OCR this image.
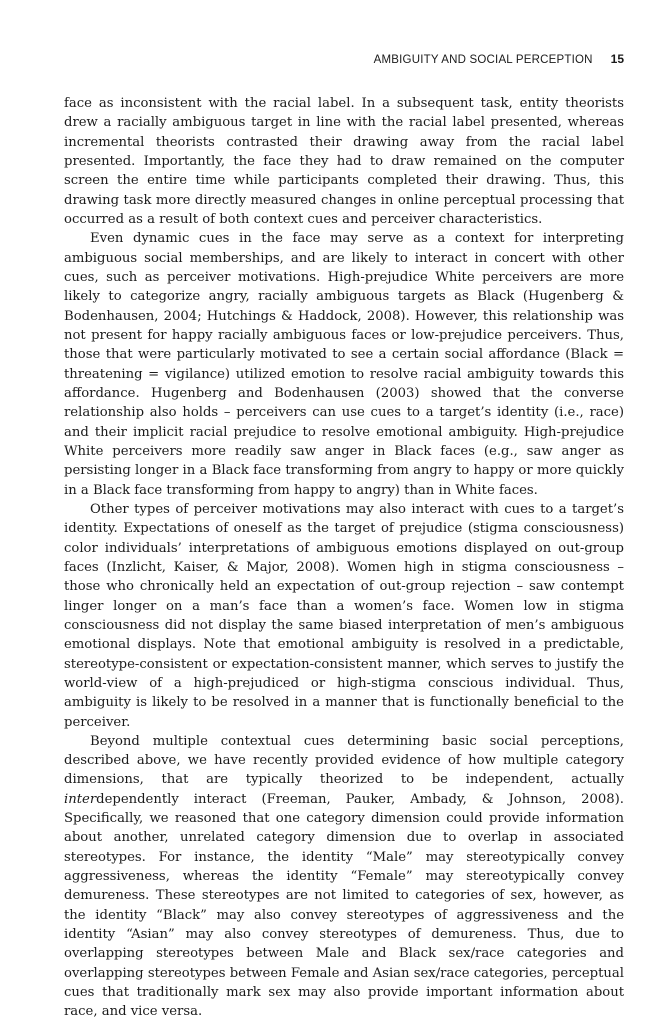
AMBIGUITY AND SOCIAL PERCEPTION 15

face as inconsistent with the racial label. In a subsequent task, entity theorists drew a racially ambiguous target in line with the racial label presented, whereas incremental theorists contrasted their drawing away from the racial label presented. Importantly, the face they had to draw remained on the computer screen the entire time while participants completed their drawing. Thus, this drawing task more directly measured changes in online perceptual processing that occurred as a result of both context cues and perceiver characteristics.

Even dynamic cues in the face may serve as a context for interpreting ambiguous social memberships, and are likely to interact in concert with other cues, such as perceiver motivations. High-prejudice White perceivers are more likely to categorize angry, racially ambiguous targets as Black (Hugenberg & Bodenhausen, 2004; Hutchings & Haddock, 2008). However, this relationship was not present for happy racially ambiguous faces or low-prejudice perceivers. Thus, those that were particularly motivated to see a certain social affordance (Black = threatening = vigilance) utilized emotion to resolve racial ambiguity towards this affordance. Hugenberg and Bodenhausen (2003) showed that the converse relationship also holds – perceivers can use cues to a target’s identity (i.e., race) and their implicit racial prejudice to resolve emotional ambiguity. High-prejudice White perceivers more readily saw anger in Black faces (e.g., saw anger as persisting longer in a Black face transforming from angry to happy or more quickly in a Black face transforming from happy to angry) than in White faces.

Other types of perceiver motivations may also interact with cues to a target’s identity. Expectations of oneself as the target of prejudice (stigma consciousness) color individuals’ interpretations of ambiguous emotions displayed on out-group faces (Inzlicht, Kaiser, & Major, 2008). Women high in stigma consciousness – those who chronically held an expectation of out-group rejection – saw contempt linger longer on a man’s face than a women’s face. Women low in stigma consciousness did not display the same biased interpretation of men’s ambiguous emotional displays. Note that emotional ambiguity is resolved in a predictable, stereotype-consistent or expectation-consistent manner, which serves to justify the world-view of a high-prejudiced or high-stigma conscious individual. Thus, ambiguity is likely to be resolved in a manner that is functionally beneficial to the perceiver.

Beyond multiple contextual cues determining basic social perceptions, described above, we have recently provided evidence of how multiple category dimensions, that are typically theorized to be independent, actually interdependently interact (Freeman, Pauker, Ambady, & Johnson, 2008). Specifically, we reasoned that one category dimension could provide information about another, unrelated category dimension due to overlap in associated stereotypes. For instance, the identity “Male” may stereotypically convey aggressiveness, whereas the identity “Female” may stereotypically convey demureness. These stereotypes are not limited to categories of sex, however, as the identity “Black” may also convey stereotypes of aggressiveness and the identity “Asian” may also convey stereotypes of demureness. Thus, due to overlapping stereotypes between Male and Black sex/race categories and overlapping stereotypes between Female and Asian sex/race categories, perceptual cues that traditionally mark sex may also provide important information about race, and vice versa.
